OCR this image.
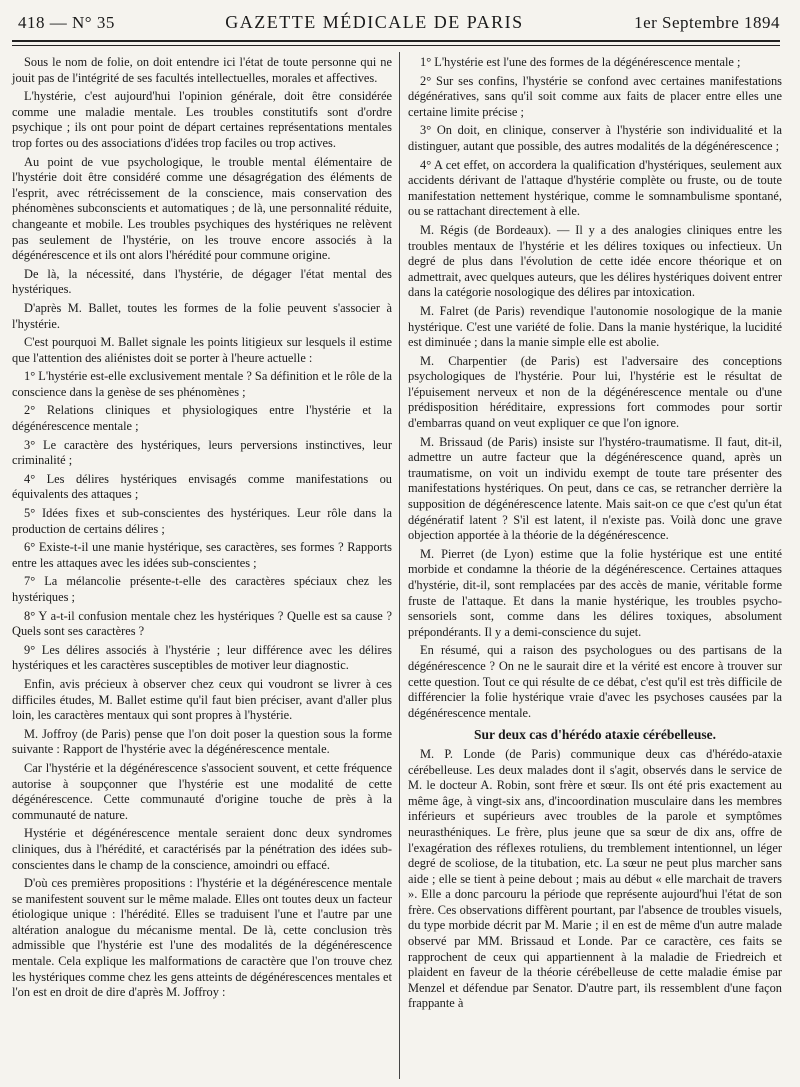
418 — N° 35	GAZETTE MÉDICALE DE PARIS	1er Septembre 1894

Sous le nom de folie, on doit entendre ici l'état de toute personne qui ne jouit pas de l'intégrité de ses facultés intellectuelles, morales et affectives.

L'hystérie, c'est aujourd'hui l'opinion générale, doit être considérée comme une maladie mentale. Les troubles constitutifs sont d'ordre psychique ; ils ont pour point de départ certaines représentations mentales trop fortes ou des associations d'idées trop faciles ou trop actives.

Au point de vue psychologique, le trouble mental élémentaire de l'hystérie doit être considéré comme une désagrégation des éléments de l'esprit, avec rétrécissement de la conscience, mais conservation des phénomènes subconscients et automatiques ; de là, une personnalité réduite, changeante et mobile. Les troubles psychiques des hystériques ne relèvent pas seulement de l'hystérie, on les trouve encore associés à la dégénérescence et ils ont alors l'hérédité pour commune origine.

De là, la nécessité, dans l'hystérie, de dégager l'état mental des hystériques.

D'après M. Ballet, toutes les formes de la folie peuvent s'associer à l'hystérie.

C'est pourquoi M. Ballet signale les points litigieux sur lesquels il estime que l'attention des aliénistes doit se porter à l'heure actuelle :

1° L'hystérie est-elle exclusivement mentale ? Sa définition et le rôle de la conscience dans la genèse de ses phénomènes ;

2° Relations cliniques et physiologiques entre l'hystérie et la dégénérescence mentale ;

3° Le caractère des hystériques, leurs perversions instinctives, leur criminalité ;

4° Les délires hystériques envisagés comme manifestations ou équivalents des attaques ;

5° Idées fixes et sub-conscientes des hystériques. Leur rôle dans la production de certains délires ;

6° Existe-t-il une manie hystérique, ses caractères, ses formes ? Rapports entre les attaques avec les idées sub-conscientes ;

7° La mélancolie présente-t-elle des caractères spéciaux chez les hystériques ;

8° Y a-t-il confusion mentale chez les hystériques ? Quelle est sa cause ? Quels sont ses caractères ?

9° Les délires associés à l'hystérie ; leur différence avec les délires hystériques et les caractères susceptibles de motiver leur diagnostic.

Enfin, avis précieux à observer chez ceux qui voudront se livrer à ces difficiles études, M. Ballet estime qu'il faut bien préciser, avant d'aller plus loin, les caractères mentaux qui sont propres à l'hystérie.

M. Joffroy (de Paris) pense que l'on doit poser la question sous la forme suivante : Rapport de l'hystérie avec la dégénérescence mentale.

Car l'hystérie et la dégénérescence s'associent souvent, et cette fréquence autorise à soupçonner que l'hystérie est une modalité de cette dégénérescence. Cette communauté d'origine touche de près à la communauté de nature.

Hystérie et dégénérescence mentale seraient donc deux syndromes cliniques, dus à l'hérédité, et caractérisés par la pénétration des idées sub-conscientes dans le champ de la conscience, amoindri ou effacé.

D'où ces premières propositions : l'hystérie et la dégénérescence mentale se manifestent souvent sur le même malade. Elles ont toutes deux un facteur étiologique unique : l'hérédité. Elles se traduisent l'une et l'autre par une altération analogue du mécanisme mental. De là, cette conclusion très admissible que l'hystérie est l'une des modalités de la dégénérescence mentale. Cela explique les malformations de caractère que l'on trouve chez les hystériques comme chez les gens atteints de dégénérescences mentales et l'on est en droit de dire d'après M. Joffroy :

1° L'hystérie est l'une des formes de la dégénérescence mentale ;

2° Sur ses confins, l'hystérie se confond avec certaines manifestations dégénératives, sans qu'il soit comme aux faits de placer entre elles une certaine limite précise ;

3° On doit, en clinique, conserver à l'hystérie son individualité et la distinguer, autant que possible, des autres modalités de la dégénérescence ;

4° A cet effet, on accordera la qualification d'hystériques, seulement aux accidents dérivant de l'attaque d'hystérie complète ou fruste, ou de toute manifestation nettement hystérique, comme le somnambulisme spontané, ou se rattachant directement à elle.

M. Régis (de Bordeaux). — Il y a des analogies cliniques entre les troubles mentaux de l'hystérie et les délires toxiques ou infectieux. Un degré de plus dans l'évolution de cette idée encore théorique et on admettrait, avec quelques auteurs, que les délires hystériques doivent entrer dans la catégorie nosologique des délires par intoxication.

M. Falret (de Paris) revendique l'autonomie nosologique de la manie hystérique. C'est une variété de folie. Dans la manie hystérique, la lucidité est diminuée ; dans la manie simple elle est abolie.

M. Charpentier (de Paris) est l'adversaire des conceptions psychologiques de l'hystérie. Pour lui, l'hystérie est le résultat de l'épuisement nerveux et non de la dégénérescence mentale ou d'une prédisposition héréditaire, expressions fort commodes pour sortir d'embarras quand on veut expliquer ce que l'on ignore.

M. Brissaud (de Paris) insiste sur l'hystéro-traumatisme. Il faut, dit-il, admettre un autre facteur que la dégénérescence quand, après un traumatisme, on voit un individu exempt de toute tare présenter des manifestations hystériques. On peut, dans ce cas, se retrancher derrière la supposition de dégénérescence latente. Mais sait-on ce que c'est qu'un état dégénératif latent ? S'il est latent, il n'existe pas. Voilà donc une grave objection apportée à la théorie de la dégénérescence.

M. Pierret (de Lyon) estime que la folie hystérique est une entité morbide et condamne la théorie de la dégénérescence. Certaines attaques d'hystérie, dit-il, sont remplacées par des accès de manie, véritable forme fruste de l'attaque. Et dans la manie hystérique, les troubles psycho-sensoriels sont, comme dans les délires toxiques, absolument prépondérants. Il y a demi-conscience du sujet.

En résumé, qui a raison des psychologues ou des partisans de la dégénérescence ? On ne le saurait dire et la vérité est encore à trouver sur cette question. Tout ce qui résulte de ce débat, c'est qu'il est très difficile de différencier la folie hystérique vraie d'avec les psychoses causées par la dégénérescence mentale.

Sur deux cas d'hérédo ataxie cérébelleuse.

M. P. Londe (de Paris) communique deux cas d'hérédo-ataxie cérébelleuse. Les deux malades dont il s'agit, observés dans le service de M. le docteur A. Robin, sont frère et sœur. Ils ont été pris exactement au même âge, à vingt-six ans, d'incoordination musculaire dans les membres inférieurs et supérieurs avec troubles de la parole et symptômes neurasthéniques. Le frère, plus jeune que sa sœur de dix ans, offre de l'exagération des réflexes rotuliens, du tremblement intentionnel, un léger degré de scoliose, de la titubation, etc. La sœur ne peut plus marcher sans aide ; elle se tient à peine debout ; mais au début « elle marchait de travers ». Elle a donc parcouru la période que représente aujourd'hui l'état de son frère. Ces observations diffèrent pourtant, par l'absence de troubles visuels, du type morbide décrit par M. Marie ; il en est de même d'un autre malade observé par MM. Brissaud et Londe. Par ce caractère, ces faits se rapprochent de ceux qui appartiennent à la maladie de Friedreich et plaident en faveur de la théorie cérébelleuse de cette maladie émise par Menzel et défendue par Senator. D'autre part, ils ressemblent d'une façon frappante à
